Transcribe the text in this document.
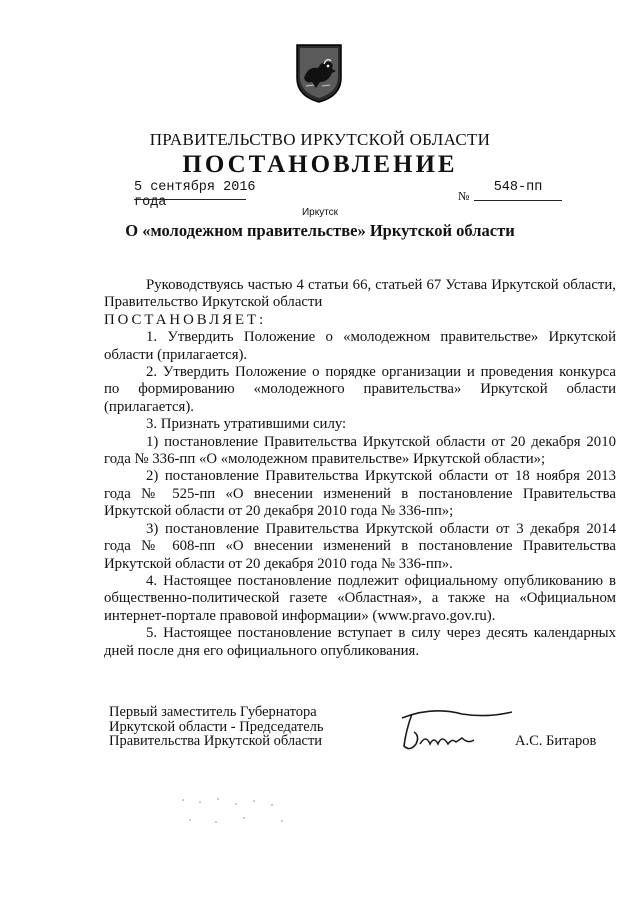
ПРАВИТЕЛЬСТВО ИРКУТСКОЙ ОБЛАСТИ
ПОСТАНОВЛЕНИЕ
5 сентября 2016 года	№
548-пп
Иркутск
О «молодежном правительстве» Иркутской области

Руководствуясь частью 4 статьи 66, статьей 67 Устава Иркутской области, Правительство Иркутской области

ПОСТАНОВЛЯЕТ:

1. Утвердить Положение о «молодежном правительстве» Иркутской области (прилагается).

2. Утвердить Положение о порядке организации и проведения конкурса по формированию «молодежного правительства» Иркутской области (прилагается).

3. Признать утратившими силу:

1) постановление Правительства Иркутской области от 20 декабря 2010 года № 336-пп «О «молодежном правительстве» Иркутской области»;

2) постановление Правительства Иркутской области от 18 ноября 2013 года № 525-пп «О внесении изменений в постановление Правительства Иркутской области от 20 декабря 2010 года № 336-пп»;

3) постановление Правительства Иркутской области от 3 декабря 2014 года № 608-пп «О внесении изменений в постановление Правительства Иркутской области от 20 декабря 2010 года № 336-пп».

4. Настоящее постановление подлежит официальному опубликованию в общественно-политической газете «Областная», а также на «Официальном интернет-портале правовой информации» (www.pravo.gov.ru).

5. Настоящее постановление вступает в силу через десять календарных дней после дня его официального опубликования.

Первый заместитель Губернатора
Иркутской области - Председатель
Правительства Иркутской области	А.С. Битаров
